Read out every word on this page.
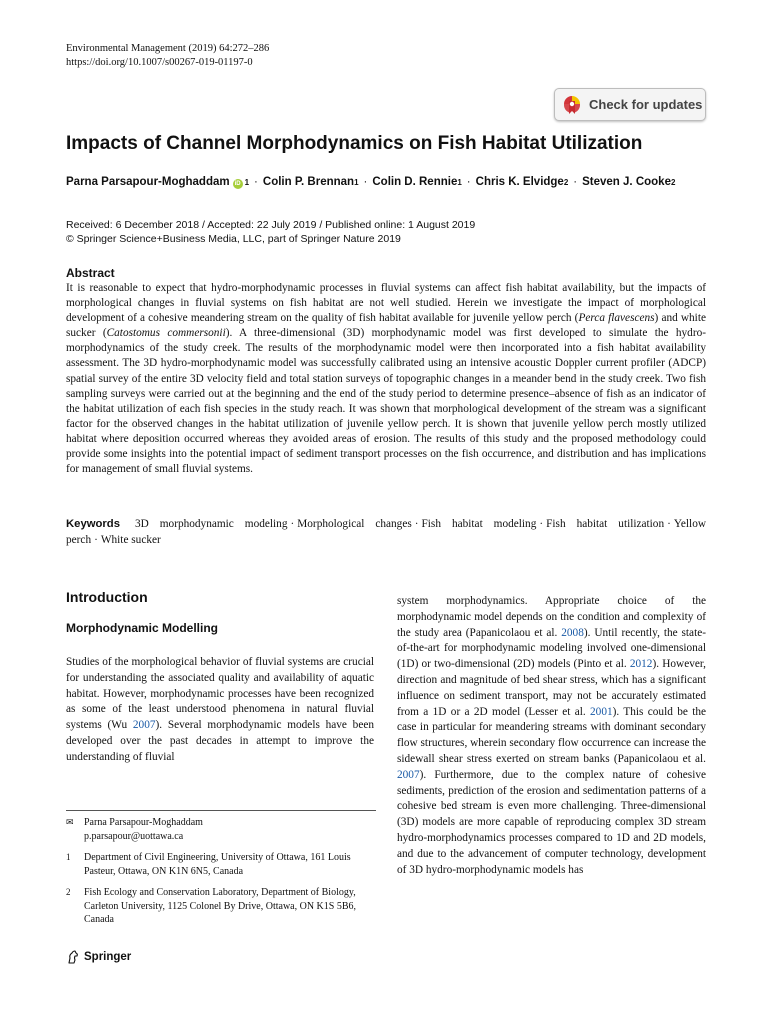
Environmental Management (2019) 64:272–286
https://doi.org/10.1007/s00267-019-01197-0
Check for updates
Impacts of Channel Morphodynamics on Fish Habitat Utilization
Parna Parsapour-Moghaddam iD 1 · Colin P. Brennan 1 · Colin D. Rennie 1 · Chris K. Elvidge 2 · Steven J. Cooke 2
Received: 6 December 2018 / Accepted: 22 July 2019 / Published online: 1 August 2019
© Springer Science+Business Media, LLC, part of Springer Nature 2019
Abstract

It is reasonable to expect that hydro-morphodynamic processes in fluvial systems can affect fish habitat availability, but the impacts of morphological changes in fluvial systems on fish habitat are not well studied. Herein we investigate the impact of morphological development of a cohesive meandering stream on the quality of fish habitat available for juvenile yellow perch (Perca flavescens) and white sucker (Catostomus commersonii). A three-dimensional (3D) morphodynamic model was first developed to simulate the hydro-morphodynamics of the study creek. The results of the morphodynamic model were then incorporated into a fish habitat availability assessment. The 3D hydro-morphodynamic model was successfully calibrated using an intensive acoustic Doppler current profiler (ADCP) spatial survey of the entire 3D velocity field and total station surveys of topographic changes in a meander bend in the study creek. Two fish sampling surveys were carried out at the beginning and the end of the study period to determine presence–absence of fish as an indicator of the habitat utilization of each fish species in the study reach. It was shown that morphological development of the stream was a significant factor for the observed changes in the habitat utilization of juvenile yellow perch. It is shown that juvenile yellow perch mostly utilized habitat where deposition occurred whereas they avoided areas of erosion. The results of this study and the proposed methodology could provide some insights into the potential impact of sediment transport processes on the fish occurrence, and distribution and has implications for management of small fluvial systems.

Keywords 3D morphodynamic modeling · Morphological changes · Fish habitat modeling · Fish habitat utilization · Yellow perch · White sucker
Introduction
Morphodynamic Modelling

Studies of the morphological behavior of fluvial systems are crucial for understanding the associated quality and availability of aquatic habitat. However, morphodynamic processes have been recognized as some of the least understood phenomena in natural fluvial systems (Wu 2007). Several morphodynamic models have been developed over the past decades in attempt to improve the understanding of fluvial

system morphodynamics. Appropriate choice of the morphodynamic model depends on the condition and complexity of the study area (Papanicolaou et al. 2008). Until recently, the state-of-the-art for morphodynamic modeling involved one-dimensional (1D) or two-dimensional (2D) models (Pinto et al. 2012). However, direction and magnitude of bed shear stress, which has a significant influence on sediment transport, may not be accurately estimated from a 1D or a 2D model (Lesser et al. 2001). This could be the case in particular for meandering streams with dominant secondary flow structures, wherein secondary flow occurrence can increase the sidewall shear stress exerted on stream banks (Papanicolaou et al. 2007). Furthermore, due to the complex nature of cohesive sediments, prediction of the erosion and sedimentation patterns of a cohesive bed stream is even more challenging. Three-dimensional (3D) models are more capable of reproducing complex 3D stream hydro-morphodynamics processes compared to 1D and 2D models, and due to the advancement of computer technology, development of 3D hydro-morphodynamic models has

✉	Parna Parsapour-Moghaddam
p.parsapour@uottawa.ca
1	Department of Civil Engineering, University of Ottawa, 161 Louis Pasteur, Ottawa, ON K1N 6N5, Canada
2	Fish Ecology and Conservation Laboratory, Department of Biology, Carleton University, 1125 Colonel By Drive, Ottawa, ON K1S 5B6, Canada
Springer
